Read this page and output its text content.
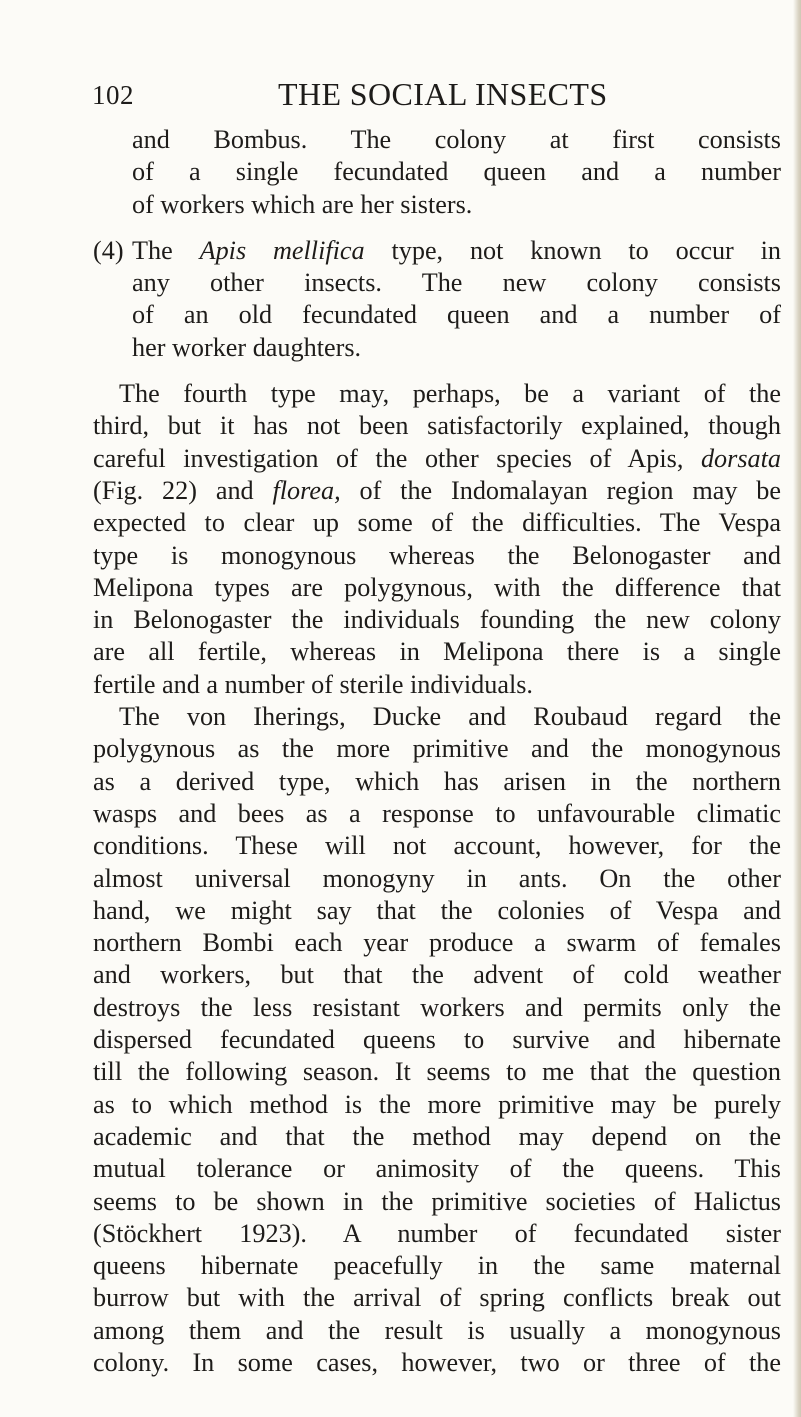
102	THE SOCIAL INSECTS
and Bombus. The colony at first consists
of a single fecundated queen and a number
of workers which are her sisters.
(4) The Apis mellifica type, not known to occur in
any other insects. The new colony consists
of an old fecundated queen and a number of
her worker daughters.
The fourth type may, perhaps, be a variant of the
third, but it has not been satisfactorily explained, though
careful investigation of the other species of Apis, dorsata
(Fig. 22) and florea, of the Indomalayan region may be
expected to clear up some of the difficulties. The Vespa
type is monogynous whereas the Belonogaster and
Melipona types are polygynous, with the difference that
in Belonogaster the individuals founding the new colony
are all fertile, whereas in Melipona there is a single
fertile and a number of sterile individuals.
The von Iherings, Ducke and Roubaud regard the
polygynous as the more primitive and the monogynous
as a derived type, which has arisen in the northern
wasps and bees as a response to unfavourable climatic
conditions. These will not account, however, for the
almost universal monogyny in ants. On the other
hand, we might say that the colonies of Vespa and
northern Bombi each year produce a swarm of females
and workers, but that the advent of cold weather
destroys the less resistant workers and permits only the
dispersed fecundated queens to survive and hibernate
till the following season. It seems to me that the question
as to which method is the more primitive may be purely
academic and that the method may depend on the
mutual tolerance or animosity of the queens. This
seems to be shown in the primitive societies of Halictus
(Stöckhert 1923). A number of fecundated sister
queens hibernate peacefully in the same maternal
burrow but with the arrival of spring conflicts break out
among them and the result is usually a monogynous
colony. In some cases, however, two or three of the
